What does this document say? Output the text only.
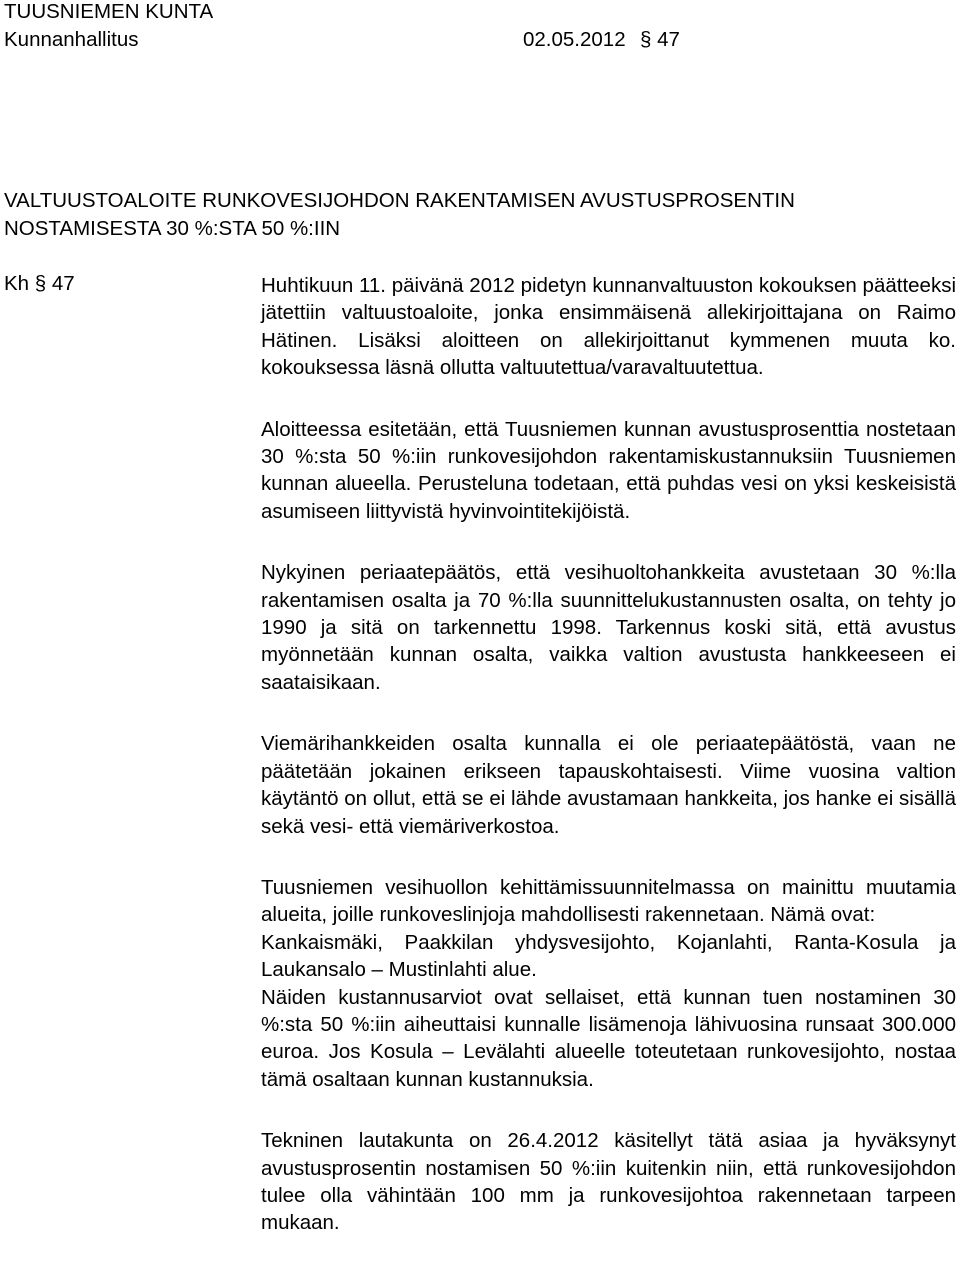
TUUSNIEMEN KUNTA
Kunnanhallitus	02.05.2012 § 47
VALTUUSTOALOITE RUNKOVESIJOHDON RAKENTAMISEN AVUSTUSPROSENTIN
NOSTAMISESTA 30 %:STA 50 %:IIN
Kh § 47	Huhtikuun 11. päivänä 2012 pidetyn kunnanvaltuuston kokouksen päätteeksi jätettiin valtuustoaloite, jonka ensimmäisenä allekirjoittajana on Raimo Hätinen. Lisäksi aloitteen on allekirjoittanut kymmenen muuta ko. kokouksessa läsnä ollutta valtuutettua/varavaltuutettua.

Aloitteessa esitetään, että Tuusniemen kunnan avustusprosenttia nostetaan 30 %:sta 50 %:iin runkovesijohdon rakentamiskustannuksiin Tuusniemen kunnan alueella. Perusteluna todetaan, että puhdas vesi on yksi keskeisistä asumiseen liittyvistä hyvinvointitekijöistä.

Nykyinen periaatepäätös, että vesihuoltohankkeita avustetaan 30 %:lla rakentamisen osalta ja 70 %:lla suunnittelukustannusten osalta, on tehty jo 1990 ja sitä on tarkennettu 1998. Tarkennus koski sitä, että avustus myönnetään kunnan osalta, vaikka valtion avustusta hankkeeseen ei saataisikaan.

Viemärihankkeiden osalta kunnalla ei ole periaatepäätöstä, vaan ne päätetään jokainen erikseen tapauskohtaisesti. Viime vuosina valtion käytäntö on ollut, että se ei lähde avustamaan hankkeita, jos hanke ei sisällä sekä vesi- että viemäriverkostoa.

Tuusniemen vesihuollon kehittämissuunnitelmassa on mainittu muutamia alueita, joille runkoveslinjoja mahdollisesti rakennetaan. Nämä ovat:

Kankaismäki, Paakkilan yhdysvesijohto, Kojanlahti, Ranta-Kosula ja Laukansalo – Mustinlahti alue.

Näiden kustannusarviot ovat sellaiset, että kunnan tuen nostaminen 30 %:sta 50 %:iin aiheuttaisi kunnalle lisämenoja lähivuosina runsaat 300.000 euroa. Jos Kosula – Levälahti alueelle toteutetaan runkovesijohto, nostaa tämä osaltaan kunnan kustannuksia.

Tekninen lautakunta on 26.4.2012 käsitellyt tätä asiaa ja hyväksynyt avustusprosentin nostamisen 50 %:iin kuitenkin niin, että runkovesijohdon tulee olla vähintään 100 mm ja runkovesijohtoa rakennetaan tarpeen mukaan.
